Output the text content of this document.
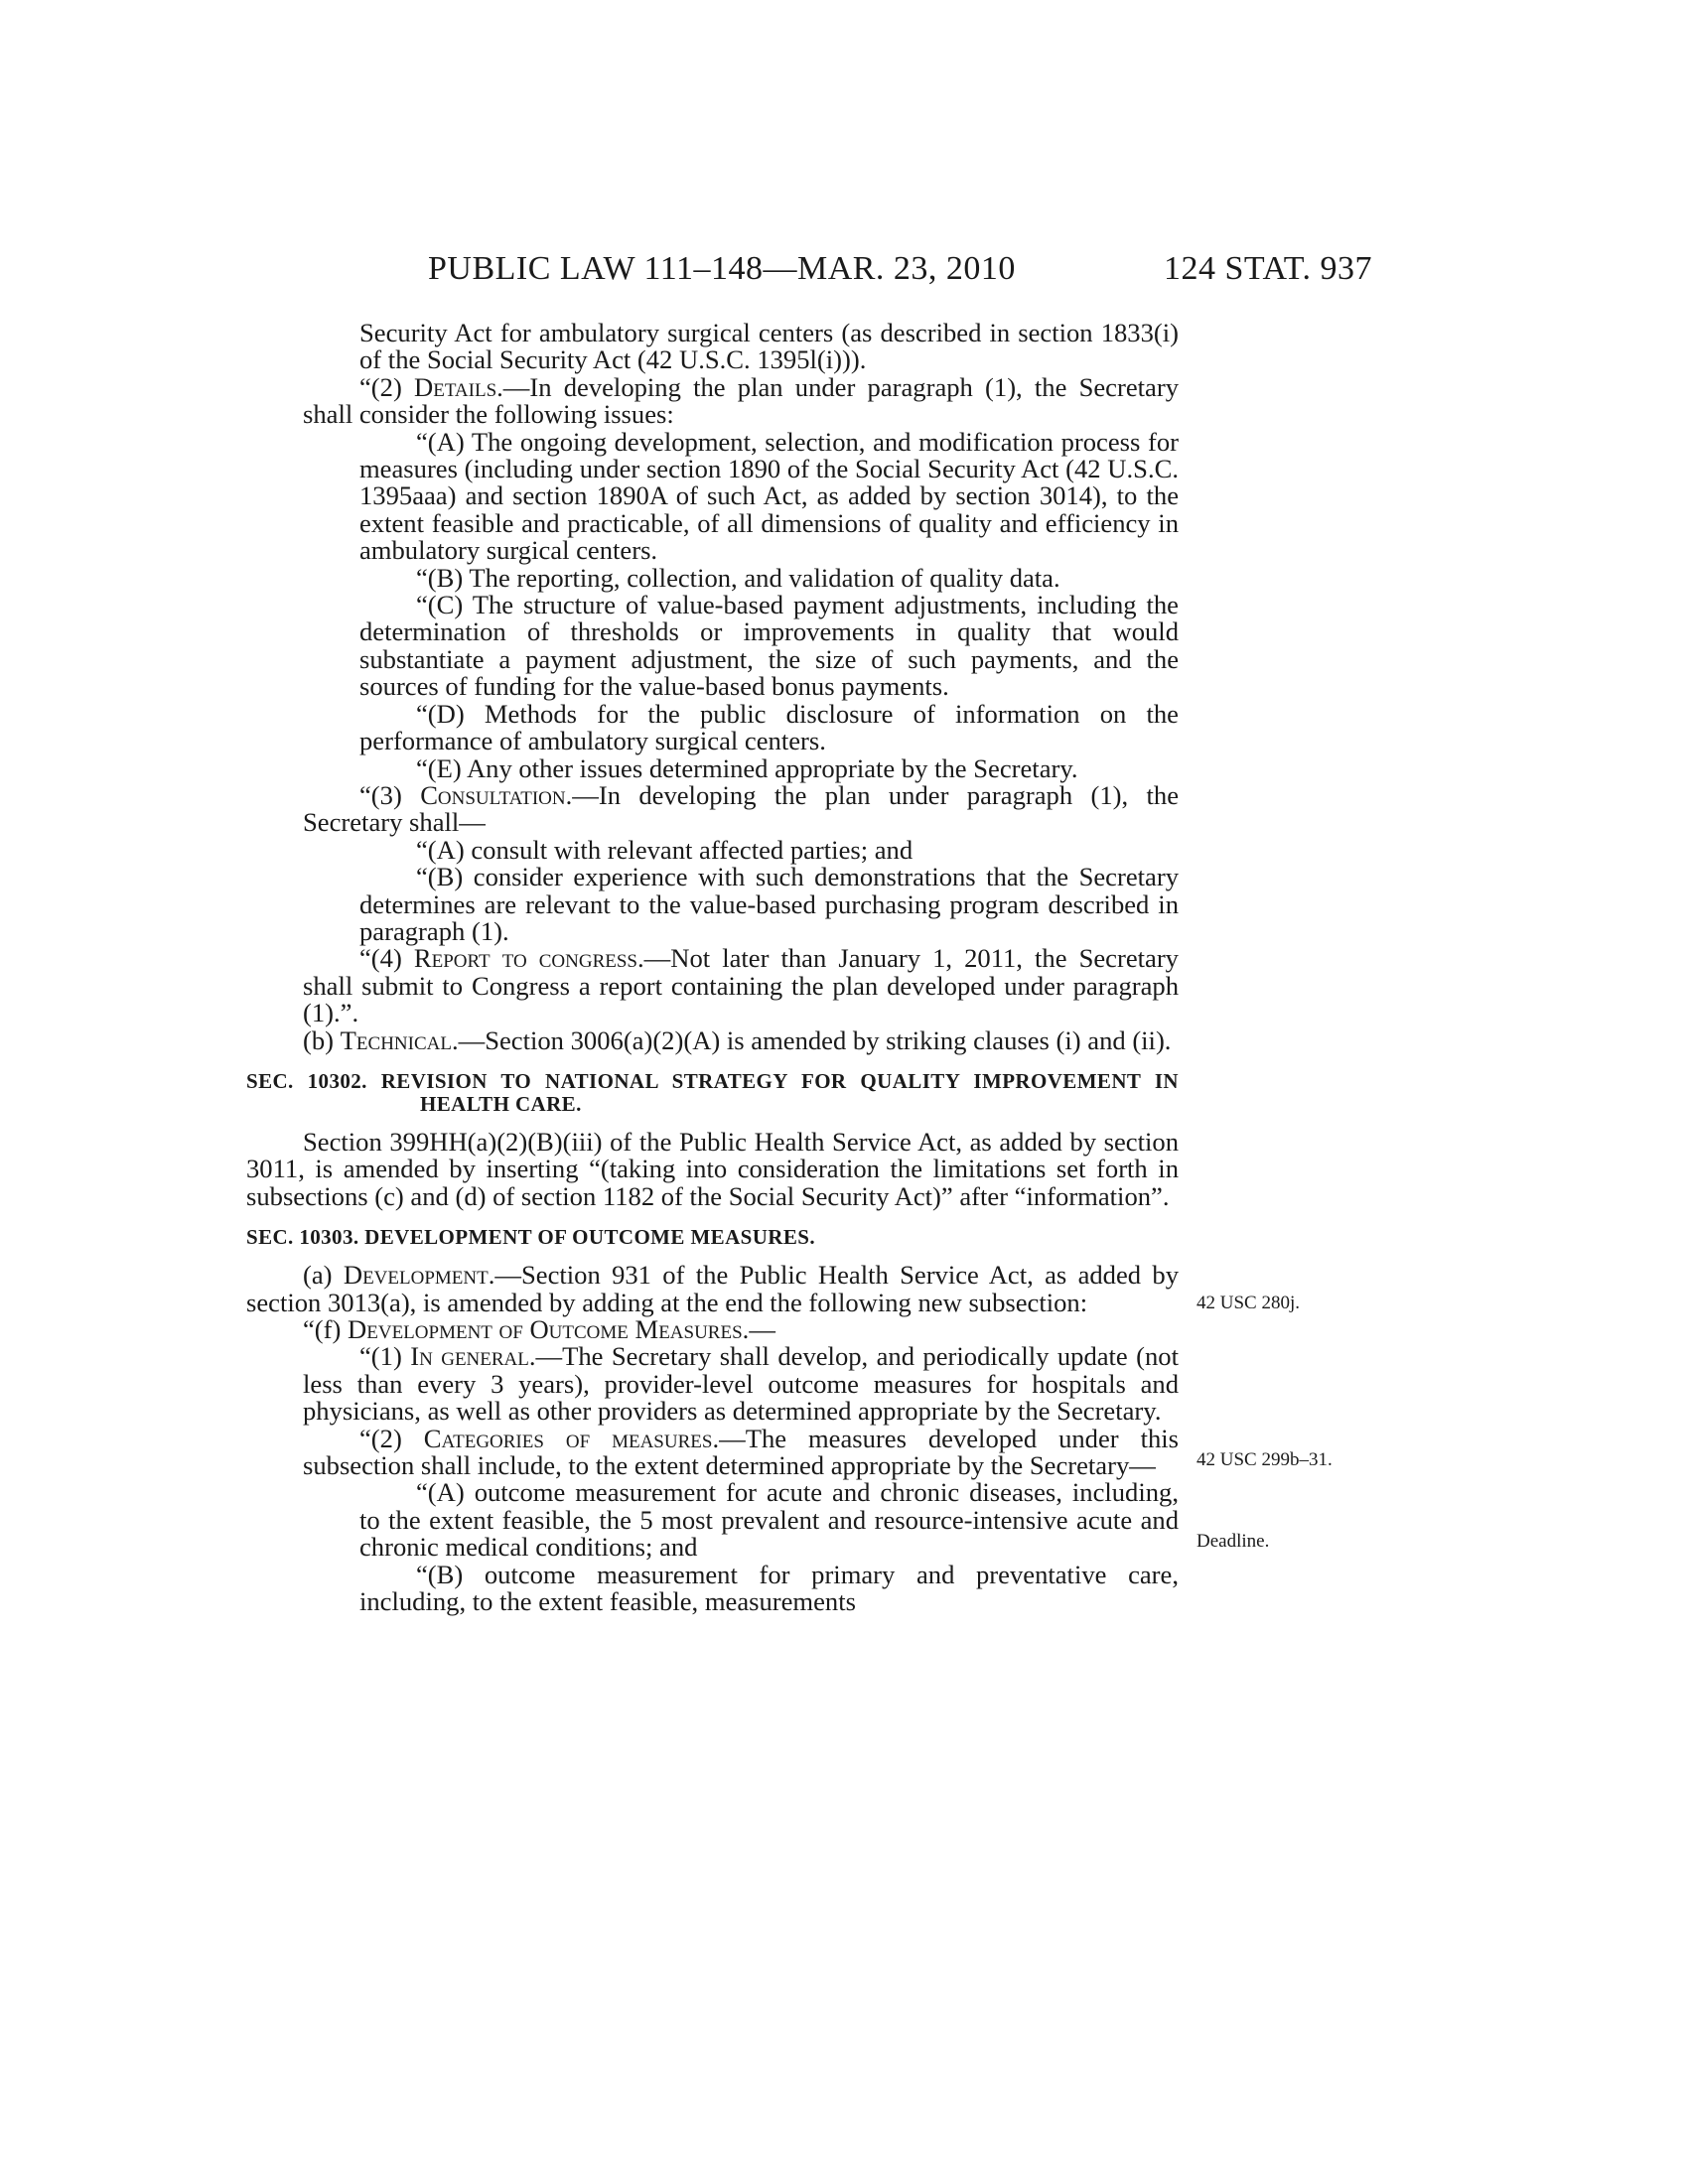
PUBLIC LAW 111–148—MAR. 23, 2010	124 STAT. 937

Security Act for ambulatory surgical centers (as described in section 1833(i) of the Social Security Act (42 U.S.C. 1395l(i))).

“(2) Details.—In developing the plan under paragraph (1), the Secretary shall consider the following issues:

“(A) The ongoing development, selection, and modification process for measures (including under section 1890 of the Social Security Act (42 U.S.C. 1395aaa) and section 1890A of such Act, as added by section 3014), to the extent feasible and practicable, of all dimensions of quality and efficiency in ambulatory surgical centers.

“(B) The reporting, collection, and validation of quality data.

“(C) The structure of value-based payment adjustments, including the determination of thresholds or improvements in quality that would substantiate a payment adjustment, the size of such payments, and the sources of funding for the value-based bonus payments.

“(D) Methods for the public disclosure of information on the performance of ambulatory surgical centers.

“(E) Any other issues determined appropriate by the Secretary.

“(3) Consultation.—In developing the plan under paragraph (1), the Secretary shall—

“(A) consult with relevant affected parties; and

“(B) consider experience with such demonstrations that the Secretary determines are relevant to the value-based purchasing program described in paragraph (1).

“(4) Report to congress.—Not later than January 1, 2011, the Secretary shall submit to Congress a report containing the plan developed under paragraph (1).”.

(b) Technical.—Section 3006(a)(2)(A) is amended by striking clauses (i) and (ii).

SEC. 10302. REVISION TO NATIONAL STRATEGY FOR QUALITY IMPROVEMENT IN HEALTH CARE.

Section 399HH(a)(2)(B)(iii) of the Public Health Service Act, as added by section 3011, is amended by inserting “(taking into consideration the limitations set forth in subsections (c) and (d) of section 1182 of the Social Security Act)” after “information”.

SEC. 10303. DEVELOPMENT OF OUTCOME MEASURES.

(a) Development.—Section 931 of the Public Health Service Act, as added by section 3013(a), is amended by adding at the end the following new subsection:

“(f) Development of Outcome Measures.—

“(1) In general.—The Secretary shall develop, and periodically update (not less than every 3 years), provider-level outcome measures for hospitals and physicians, as well as other providers as determined appropriate by the Secretary.

“(2) Categories of measures.—The measures developed under this subsection shall include, to the extent determined appropriate by the Secretary—

“(A) outcome measurement for acute and chronic diseases, including, to the extent feasible, the 5 most prevalent and resource-intensive acute and chronic medical conditions; and

“(B) outcome measurement for primary and preventative care, including, to the extent feasible, measurements

42 USC 280j.
42 USC 299b–31.
Deadline.
